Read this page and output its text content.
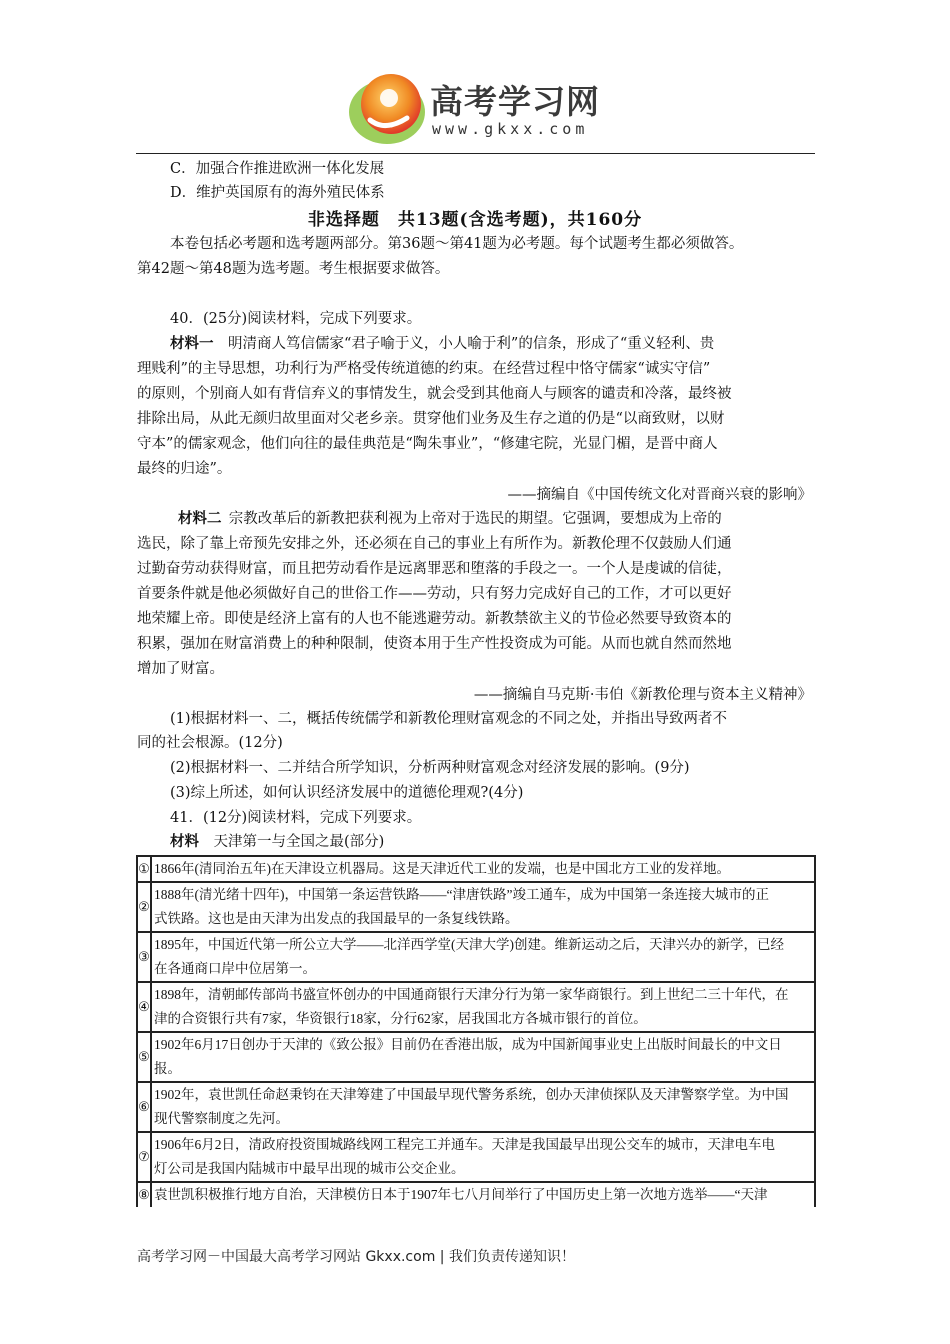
高考学习网
www.gkxx.com
C．加强合作推进欧洲一体化发展
D．维护英国原有的海外殖民体系
非选择题　共13题(含选考题)，共160分
本卷包括必考题和选考题两部分。第36题～第41题为必考题。每个试题考生都必须做答。
第42题～第48题为选考题。考生根据要求做答。
40．(25分)阅读材料，完成下列要求。
材料一  明清商人笃信儒家“君子喻于义，小人喻于利”的信条，形成了“重义轻利、贵
理贱利”的主导思想，功利行为严格受传统道德的约束。在经营过程中恪守儒家“诚实守信”
的原则，个别商人如有背信弃义的事情发生，就会受到其他商人与顾客的谴责和冷落，最终被
排除出局，从此无颜归故里面对父老乡亲。贯穿他们业务及生存之道的仍是“以商致财，以财
守本”的儒家观念，他们向往的最佳典范是“陶朱事业”，“修建宅院，光显门楣，是晋中商人
最终的归途”。
——摘编自《中国传统文化对晋商兴衰的影响》
材料二  宗教改革后的新教把获利视为上帝对于选民的期望。它强调，要想成为上帝的
选民，除了靠上帝预先安排之外，还必须在自己的事业上有所作为。新教伦理不仅鼓励人们通
过勤奋劳动获得财富，而且把劳动看作是远离罪恶和堕落的手段之一。一个人是虔诚的信徒，
首要条件就是他必须做好自己的世俗工作——劳动，只有努力完成好自己的工作，才可以更好
地荣耀上帝。即使是经济上富有的人也不能逃避劳动。新教禁欲主义的节俭必然要导致资本的
积累，强加在财富消费上的种种限制，使资本用于生产性投资成为可能。从而也就自然而然地
增加了财富。
——摘编自马克斯·韦伯《新教伦理与资本主义精神》
(1)根据材料一、二，概括传统儒学和新教伦理财富观念的不同之处，并指出导致两者不
同的社会根源。(12分)
(2)根据材料一、二并结合所学知识，分析两种财富观念对经济发展的影响。(9分)
(3)综上所述，如何认识经济发展中的道德伦理观?(4分)
41．(12分)阅读材料，完成下列要求。
材料  天津第一与全国之最(部分)
①	1866年(清同治五年)在天津设立机器局。这是天津近代工业的发端，也是中国北方工业的发祥地。

②	1888年(清光绪十四年)，中国第一条运营铁路——“津唐铁路”竣工通车，成为中国第一条连接大城市的正
式铁路。这也是由天津为出发点的我国最早的一条复线铁路。

③	1895年，中国近代第一所公立大学——北洋西学堂(天津大学)创建。维新运动之后，天津兴办的新学，已经
在各通商口岸中位居第一。

④	1898年，清朝邮传部尚书盛宣怀创办的中国通商银行天津分行为第一家华商银行。到上世纪二三十年代，在
津的合资银行共有7家，华资银行18家，分行62家，居我国北方各城市银行的首位。

⑤	1902年6月17日创办于天津的《致公报》目前仍在香港出版，成为中国新闻事业史上出版时间最长的中文日
报。

⑥	1902年，袁世凯任命赵秉钧在天津筹建了中国最早现代警务系统，创办天津侦探队及天津警察学堂。为中国
现代警察制度之先河。

⑦	1906年6月2日，清政府投资围城路线网工程完工并通车。天津是我国最早出现公交车的城市，天津电车电
灯公司是我国内陆城市中最早出现的城市公交企业。

⑧	袁世凯积极推行地方自治，天津模仿日本于1907年七八月间举行了中国历史上第一次地方选举——“天津
高考学习网－中国最大高考学习网站 Gkxx.com | 我们负责传递知识！
